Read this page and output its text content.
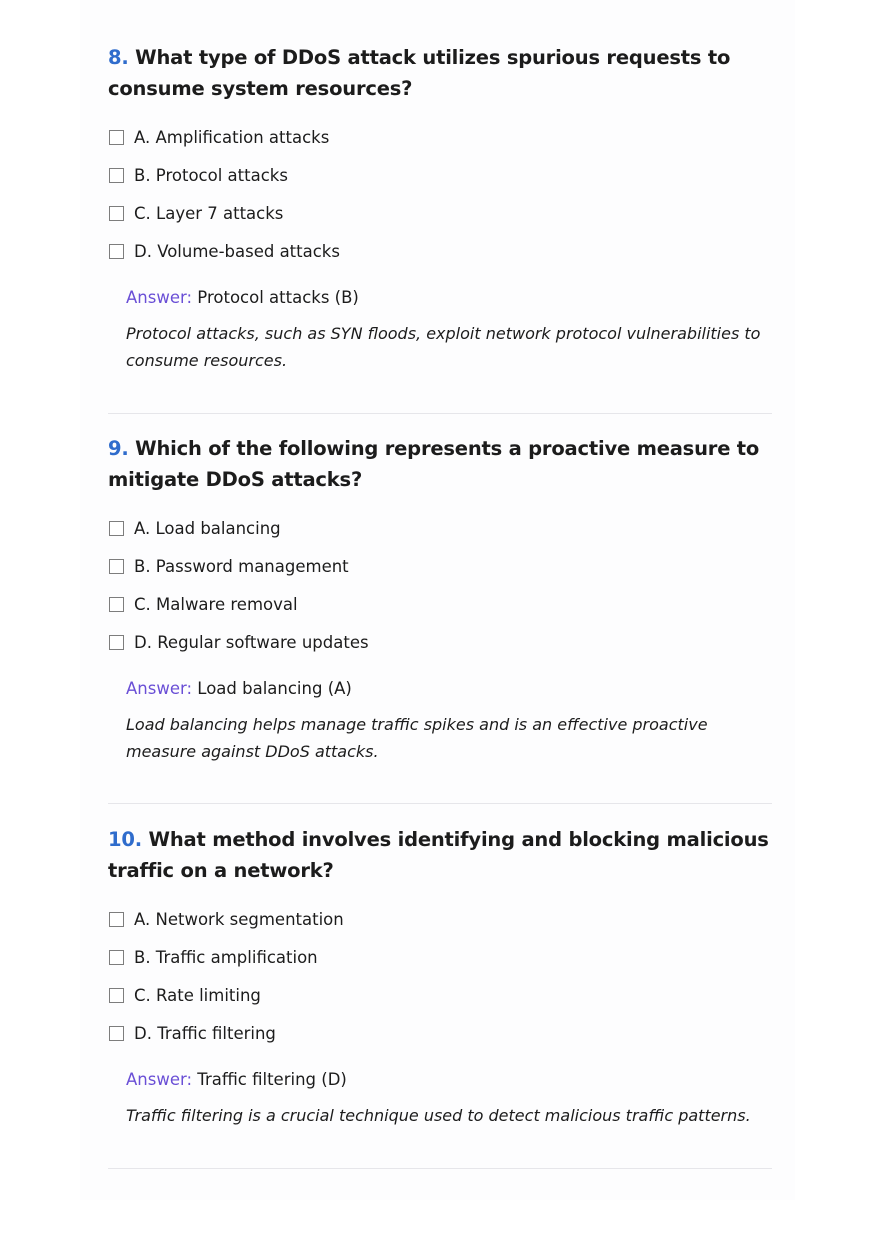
8. What type of DDoS attack utilizes spurious requests to consume system resources?
A. Amplification attacks
B. Protocol attacks
C. Layer 7 attacks
D. Volume-based attacks
Answer: Protocol attacks (B)
Protocol attacks, such as SYN floods, exploit network protocol vulnerabilities to consume resources.
9. Which of the following represents a proactive measure to mitigate DDoS attacks?
A. Load balancing
B. Password management
C. Malware removal
D. Regular software updates
Answer: Load balancing (A)
Load balancing helps manage traffic spikes and is an effective proactive measure against DDoS attacks.
10. What method involves identifying and blocking malicious traffic on a network?
A. Network segmentation
B. Traffic amplification
C. Rate limiting
D. Traffic filtering
Answer: Traffic filtering (D)
Traffic filtering is a crucial technique used to detect malicious traffic patterns.
